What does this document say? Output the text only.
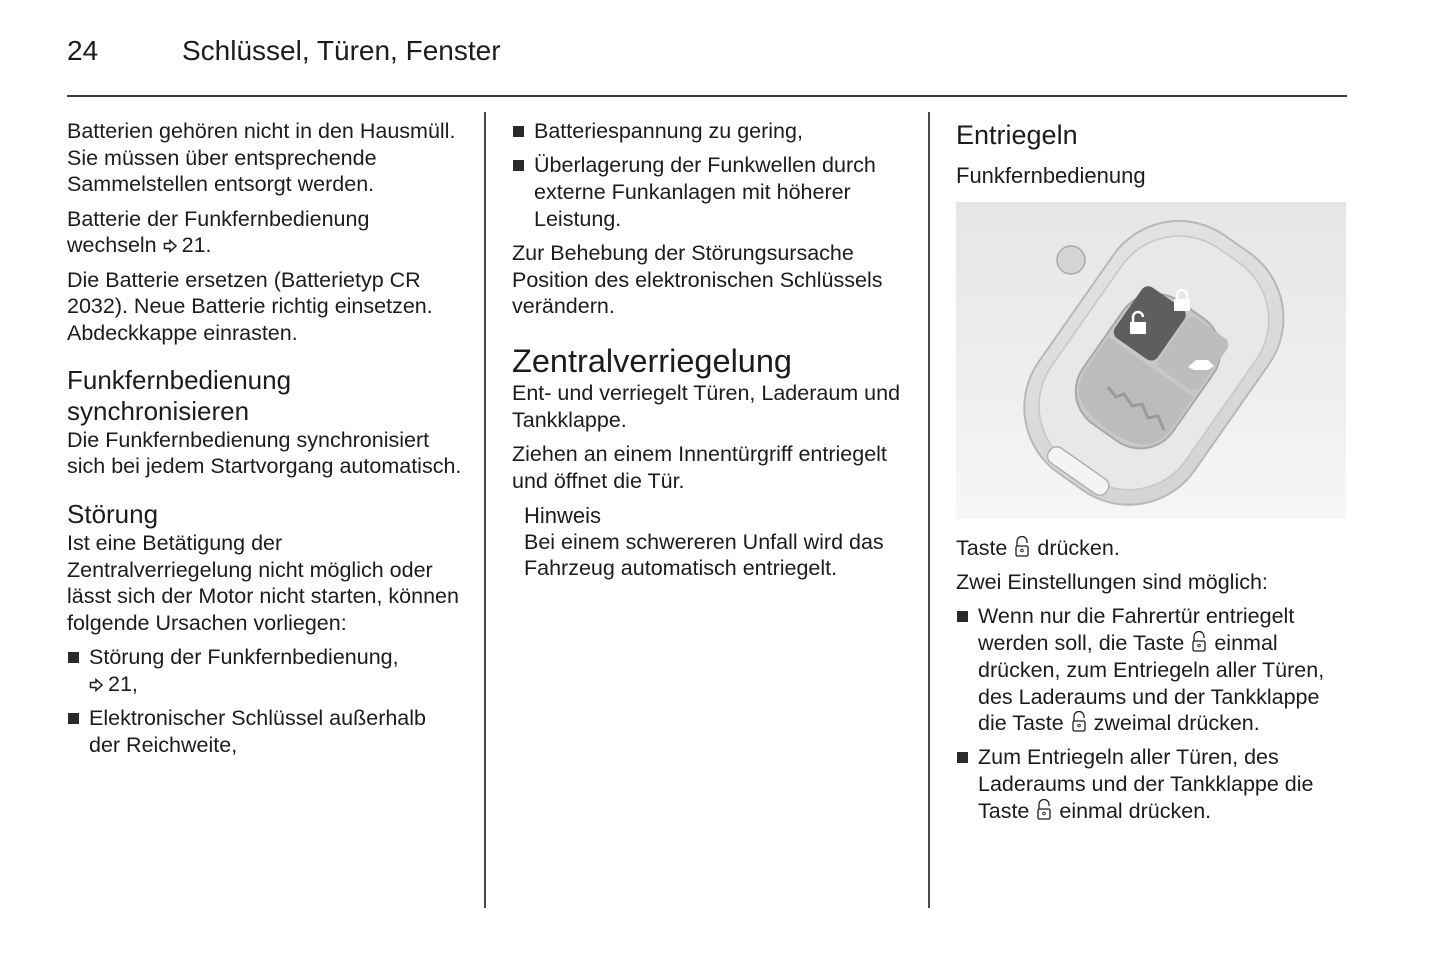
24	Schlüssel, Türen, Fenster

Batterien gehören nicht in den Hausmüll. Sie müssen über entsprechende Sammelstellen entsorgt werden.

Batterie der Funkfernbedienung wechseln 21.

Die Batterie ersetzen (Batterietyp CR 2032). Neue Batterie richtig einsetzen. Abdeckkappe einrasten.

Funkfernbedienung synchronisieren

Die Funkfernbedienung synchronisiert sich bei jedem Startvorgang automatisch.

Störung

Ist eine Betätigung der Zentralverriegelung nicht möglich oder lässt sich der Motor nicht starten, können folgende Ursachen vorliegen:

Störung der Funkfernbedienung,
21,
Elektronischer Schlüssel außerhalb der Reichweite,
Batteriespannung zu gering,
Überlagerung der Funkwellen durch externe Funkanlagen mit höherer Leistung.

Zur Behebung der Störungsursache Position des elektronischen Schlüssels verändern.

Zentralverriegelung

Ent- und verriegelt Türen, Laderaum und Tankklappe.

Ziehen an einem Innentürgriff entriegelt und öffnet die Tür.

Hinweis
Bei einem schwereren Unfall wird das Fahrzeug automatisch entriegelt.
Entriegeln
Funkfernbedienung

Taste drücken.

Zwei Einstellungen sind möglich:

Wenn nur die Fahrertür entriegelt werden soll, die Taste einmal drücken, zum Entriegeln aller Türen, des Laderaums und der Tankklappe die Taste zweimal drücken.
Zum Entriegeln aller Türen, des Laderaums und der Tankklappe die Taste einmal drücken.
